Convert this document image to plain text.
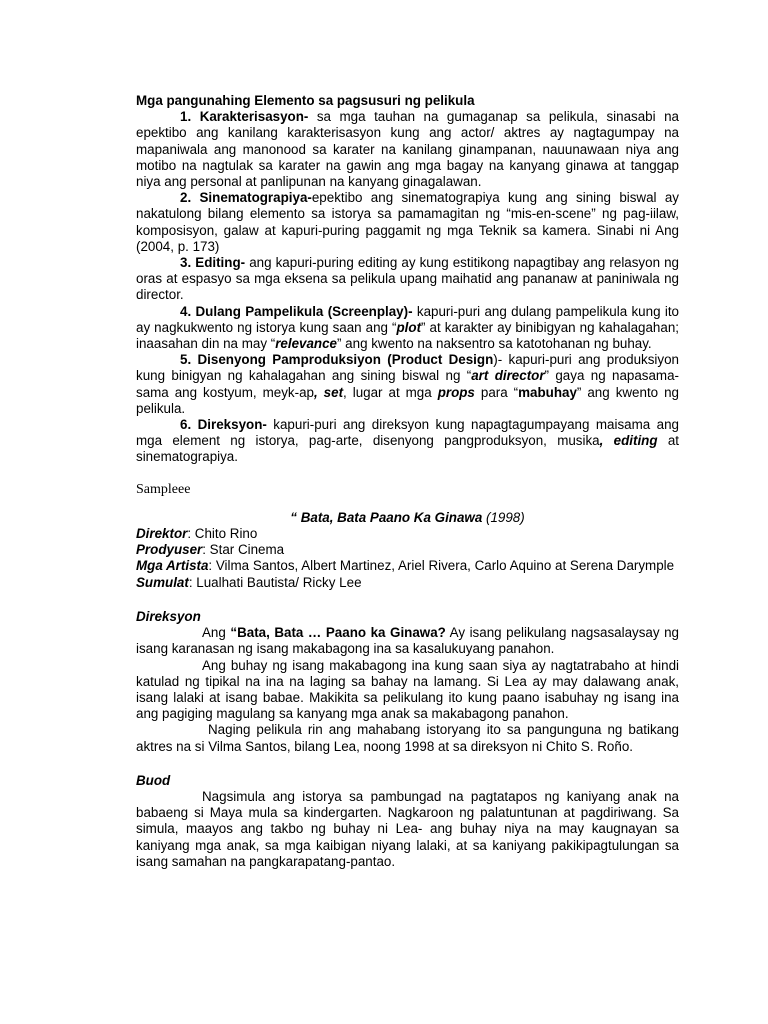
Mga pangunahing Elemento sa pagsusuri ng pelikula

1. Karakterisasyon- sa mga tauhan na gumaganap sa pelikula, sinasabi na epektibo ang kanilang karakterisasyon kung ang actor/ aktres ay nagtagumpay na mapaniwala ang manonood sa karater na kanilang ginampanan, nauunawaan niya ang motibo na nagtulak sa karater na gawin ang mga bagay na kanyang ginawa at tanggap niya ang personal at panlipunan na kanyang ginagalawan.

2. Sinematograpiya-epektibo ang sinematograpiya kung ang sining biswal ay nakatulong bilang elemento sa istorya sa pamamagitan ng “mis-en-scene” ng pag-iilaw, komposisyon, galaw at kapuri-puring paggamit ng mga Teknik sa kamera. Sinabi ni Ang (2004, p. 173)

3. Editing- ang kapuri-puring editing ay kung estitikong napagtibay ang relasyon ng oras at espasyo sa mga eksena sa pelikula upang maihatid ang pananaw at paniniwala ng director.

4. Dulang Pampelikula (Screenplay)- kapuri-puri ang dulang pampelikula kung ito ay nagkukwento ng istorya kung saan ang “plot” at karakter ay binibigyan ng kahalagahan; inaasahan din na may “relevance” ang kwento na naksentro sa katotohanan ng buhay.

5. Disenyong Pamproduksiyon (Product Design)- kapuri-puri ang produksiyon kung binigyan ng kahalagahan ang sining biswal ng “art director” gaya ng napasama-sama ang kostyum, meyk-ap, set, lugar at mga props para “mabuhay” ang kwento ng pelikula.

6. Direksyon- kapuri-puri ang direksyon kung napagtagumpayang maisama ang mga element ng istorya, pag-arte, disenyong pangproduksyon, musika, editing at sinematograpiya.

Sampleee

“ Bata, Bata Paano Ka Ginawa (1998)

Direktor: Chito Rino

Prodyuser: Star Cinema

Mga Artista: Vilma Santos, Albert Martinez, Ariel Rivera, Carlo Aquino at Serena Darymple

Sumulat: Lualhati Bautista/ Ricky Lee

Direksyon

Ang “Bata, Bata … Paano ka Ginawa? Ay isang pelikulang nagsasalaysay ng isang karanasan ng isang makabagong ina sa kasalukuyang panahon.

Ang buhay ng isang makabagong ina kung saan siya ay nagtatrabaho at hindi katulad ng tipikal na ina na laging sa bahay na lamang. Si Lea ay may dalawang anak, isang lalaki at isang babae. Makikita sa pelikulang ito kung paano isabuhay ng isang ina ang pagiging magulang sa kanyang mga anak sa makabagong panahon.

Naging pelikula rin ang mahabang istoryang ito sa pangunguna ng batikang aktres na si Vilma Santos, bilang Lea, noong 1998 at sa direksyon ni Chito S. Roño.

Buod

Nagsimula ang istorya sa pambungad na pagtatapos ng kaniyang anak na babaeng si Maya mula sa kindergarten. Nagkaroon ng palatuntunan at pagdiriwang. Sa simula, maayos ang takbo ng buhay ni Lea- ang buhay niya na may kaugnayan sa kaniyang mga anak, sa mga kaibigan niyang lalaki, at sa kaniyang pakikipagtulungan sa isang samahan na pangkarapatang-pantao.
